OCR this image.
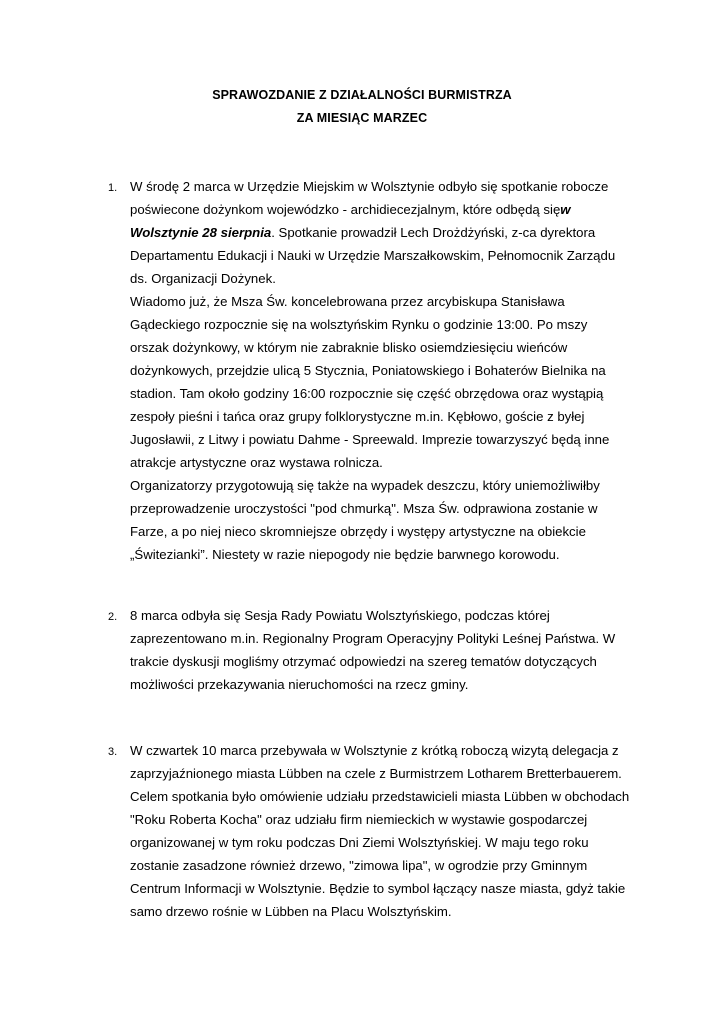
SPRAWOZDANIE Z DZIAŁALNOŚCI BURMISTRZA
ZA MIESIĄC MARZEC
1. W środę 2 marca w Urzędzie Miejskim w Wolsztynie odbyło się spotkanie robocze
poświecone dożynkom wojewódzko - archidiecezjalnym, które odbędą sięw
Wolsztynie 28 sierpnia. Spotkanie prowadził Lech Drożdżyński, z-ca dyrektora
Departamentu Edukacji i Nauki w Urzędzie Marszałkowskim, Pełnomocnik Zarządu
ds. Organizacji Dożynek.
Wiadomo już, że Msza Św. koncelebrowana przez arcybiskupa Stanisława
Gądeckiego rozpocznie się na wolsztyńskim Rynku o godzinie 13:00. Po mszy
orszak dożynkowy, w którym nie zabraknie blisko osiemdziesięciu wieńców
dożynkowych, przejdzie ulicą 5 Stycznia, Poniatowskiego i Bohaterów Bielnika na
stadion. Tam około godziny 16:00 rozpocznie się część obrzędowa oraz wystąpią
zespoły pieśni i tańca oraz grupy folklorystyczne m.in. Kębłowo, goście z byłej
Jugosławii, z Litwy i powiatu Dahme - Spreewald. Imprezie towarzyszyć będą inne
atrakcje artystyczne oraz wystawa rolnicza.
Organizatorzy przygotowują się także na wypadek deszczu, który uniemożliwiłby
przeprowadzenie uroczystości "pod chmurką". Msza Św. odprawiona zostanie w
Farze, a po niej nieco skromniejsze obrzędy i występy artystyczne na obiekcie
„Świtezianki”. Niestety w razie niepogody nie będzie barwnego korowodu.
2. 8 marca odbyła się Sesja Rady Powiatu Wolsztyńskiego, podczas której
zaprezentowano m.in. Regionalny Program Operacyjny Polityki Leśnej Państwa. W
trakcie dyskusji mogliśmy otrzymać odpowiedzi na szereg tematów dotyczących
możliwości przekazywania nieruchomości na rzecz gminy.
3. W czwartek 10 marca przebywała w Wolsztynie z krótką roboczą wizytą delegacja z
zaprzyjaźnionego miasta Lübben na czele z Burmistrzem Lotharem Bretterbauerem.
Celem spotkania było omówienie udziału przedstawicieli miasta Lübben w obchodach
"Roku Roberta Kocha" oraz udziału firm niemieckich w wystawie gospodarczej
organizowanej w tym roku podczas Dni Ziemi Wolsztyńskiej. W maju tego roku
zostanie zasadzone również drzewo, "zimowa lipa", w ogrodzie przy Gminnym
Centrum Informacji w Wolsztynie. Będzie to symbol łączący nasze miasta, gdyż takie
samo drzewo rośnie w Lübben na Placu Wolsztyńskim.
